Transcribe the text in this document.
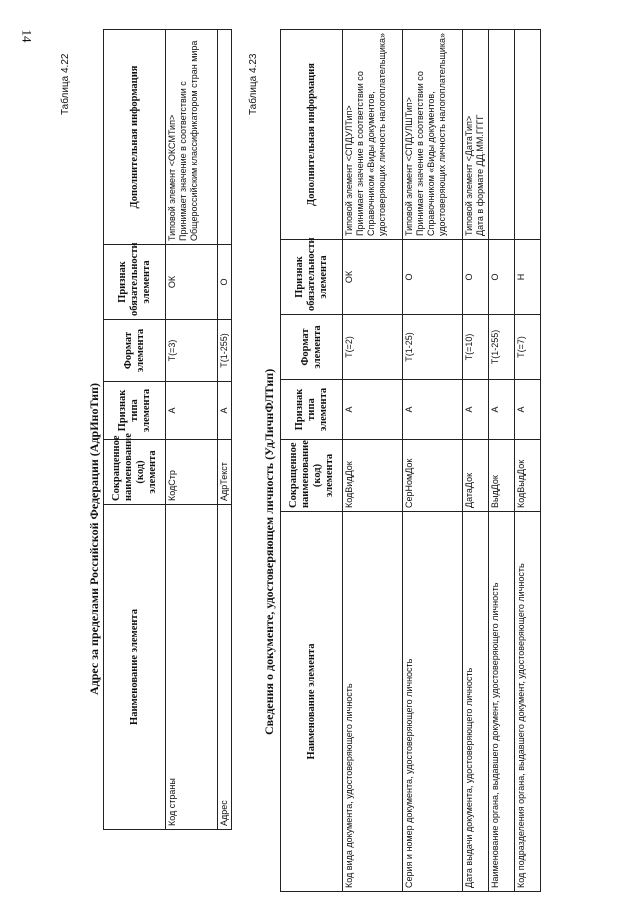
14
Таблица 4.22
Адрес за пределами Российской Федерации (АдрИноТип)	Наименование элемента	Сокращенное наименование (код) элемента	Признак типа элемента	Формат элемента	Признак обязательности элемента	Дополнительная информация
Код страны	КодСтр	А	Т(=3)	ОК	Типовой элемент <ОКСМТип>
Принимает значение в соответствии с Общероссийским классификатором стран мира
Адрес	АдрТекст	А	Т(1-255)	О	
Таблица 4.23
Сведения о документе, удостоверяющем личность (УдЛичнФЛТип)	Наименование элемента	Сокращенное наименование (код) элемента	Признак типа элемента	Формат элемента	Признак обязательности элемента	Дополнительная информация
Код вида документа, удостоверяющего личность	КодВидДок	А	Т(=2)	ОК	Типовой элемент <СПДУЛТип>
Принимает значение в соответствии со Справочником «Виды документов, удостоверяющих личность налогоплательщика»
Серия и номер документа, удостоверяющего личность	СерНомДок	А	Т(1-25)	О	Типовой элемент <СПДУЛШТип>
Принимает значение в соответствии со Справочником «Виды документов, удостоверяющих личность налогоплательщика»
Дата выдачи документа, удостоверяющего личность	ДатаДок	А	Т(=10)	О	Типовой элемент <ДатаТип>
Дата в формате ДД.ММ.ГГГГ
Наименование органа, выдавшего документ, удостоверяющего личность	ВыдДок	А	Т(1-255)	О	
Код подразделения органа, выдавшего документ, удостоверяющего личность	КодВыдДок	А	Т(=7)	Н	
